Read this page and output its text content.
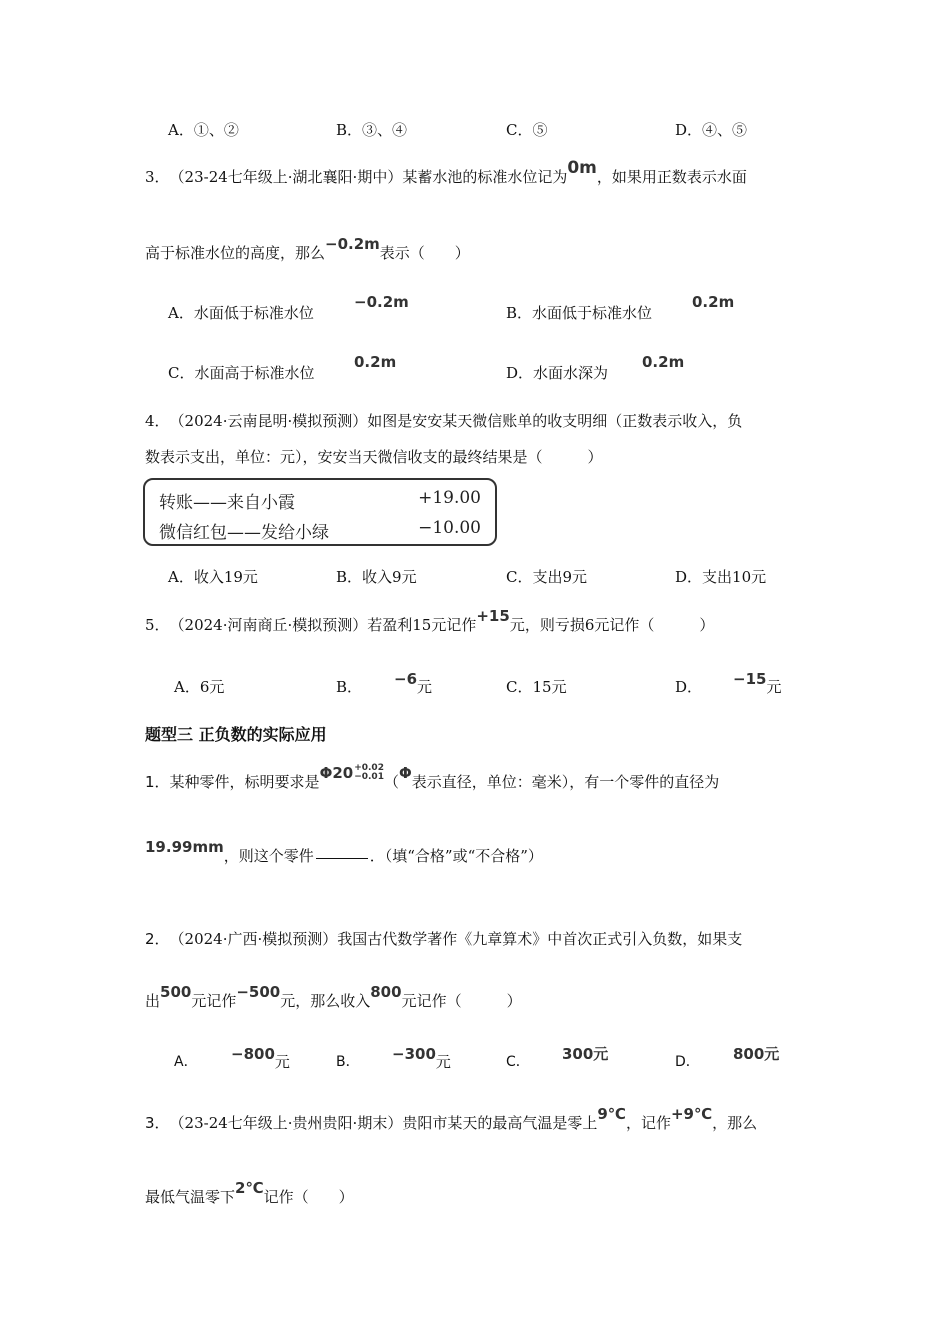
A．①、②	B．③、④	C．⑤	D．④、⑤
3． （23-24七年级上·湖北襄阳·期中） 某蓄水池的标准水位记为 0m ，如果用正数表示水面
高于标准水位的高度，那么 −0.2m 表示（　　）
A．水面低于标准水位
−0.2m
B．水面低于标准水位
0.2m
C．水面高于标准水位
0.2m
D．水面水深为
0.2m
4． （2024·云南昆明·模拟预测） 如图是安安某天微信账单的收支明细（正数表示收入，负
数表示支出，单位：元），安安当天微信收支的最终结果是（　　　）
转账——来自小霞	+19.00
微信红包——发给小绿	−10.00
A．收入19元	B．收入9元	C．支出9元	D．支出10元
5． （2024·河南商丘·模拟预测） 若盈利15元记作 +15 元，则亏损6元记作（　　　）
A．6元	B． −6 元	C．15元	D． −15 元
题型三 正负数的实际应用
1． 某种零件，标明要求是 Φ20 +0.02
−0.01 （ Φ 表示直径，单位：毫米），有一个零件的直径为
19.99mm ，则这个零件	．（填“合格”或“不合格”）
2． （2024·广西·模拟预测） 我国古代数学著作《九章算术》中首次正式引入负数，如果支
出 500 元记作 −500 元，那么收入 800 元记作（　　　）
A． −800 元	B． −300 元	C． 300元	D． 800元
3． （23-24七年级上·贵州贵阳·期末） 贵阳市某天的最高气温是零上 9℃ ，记作 +9℃ ，那么
最低气温零下 2℃ 记作（　　）
